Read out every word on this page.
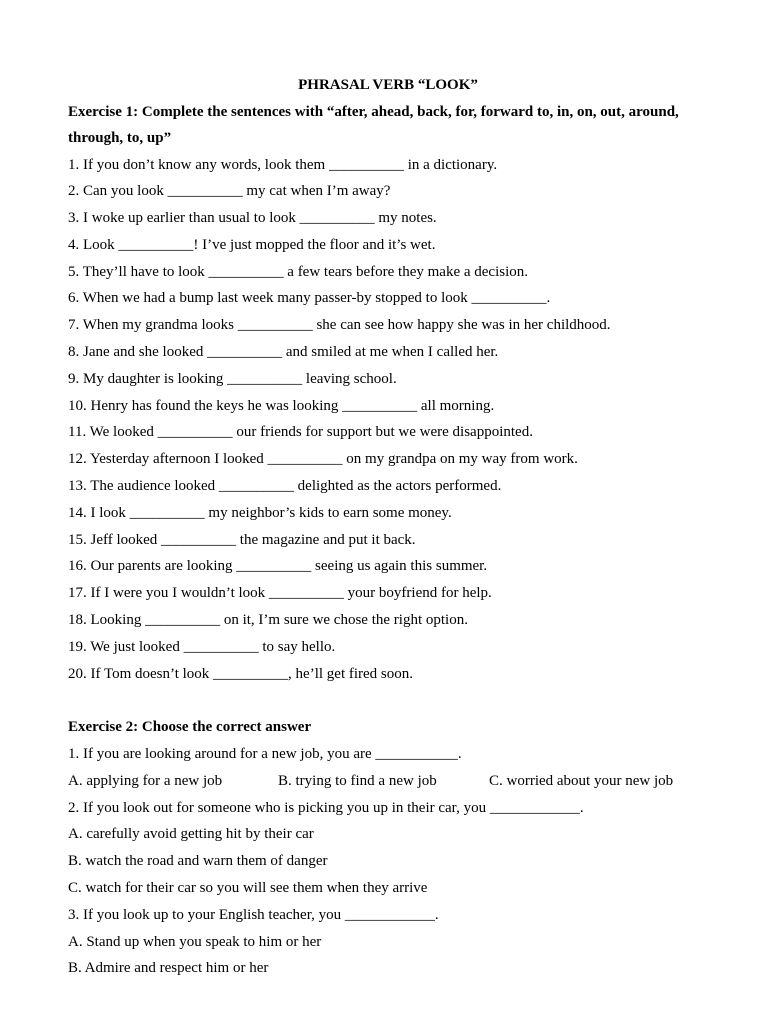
PHRASAL VERB “LOOK”

Exercise 1: Complete the sentences with “after, ahead, back, for, forward to, in, on, out, around,

through, to, up”

1. If you don’t know any words, look them __________ in a dictionary.

2. Can you look __________ my cat when I’m away?

3. I woke up earlier than usual to look __________ my notes.

4. Look __________! I’ve just mopped the floor and it’s wet.

5. They’ll have to look __________ a few tears before they make a decision.

6. When we had a bump last week many passer-by stopped to look __________.

7. When my grandma looks __________ she can see how happy she was in her childhood.

8. Jane and she looked __________ and smiled at me when I called her.

9. My daughter is looking __________ leaving school.

10. Henry has found the keys he was looking __________ all morning.

11. We looked __________ our friends for support but we were disappointed.

12. Yesterday afternoon I looked __________ on my grandpa on my way from work.

13. The audience looked __________ delighted as the actors performed.

14. I look __________ my neighbor’s kids to earn some money.

15. Jeff looked __________ the magazine and put it back.

16. Our parents are looking __________ seeing us again this summer.

17. If I were you I wouldn’t look __________ your boyfriend for help.

18. Looking __________ on it, I’m sure we chose the right option.

19. We just looked __________ to say hello.

20. If Tom doesn’t look __________, he’ll get fired soon.

Exercise 2: Choose the correct answer

1. If you are looking around for a new job, you are ___________.

A. applying for a new job	B. trying to find a new job	C. worried about your new job

2. If you look out for someone who is picking you up in their car, you ____________.

A. carefully avoid getting hit by their car

B. watch the road and warn them of danger

C. watch for their car so you will see them when they arrive

3. If you look up to your English teacher, you ____________.

A. Stand up when you speak to him or her

B. Admire and respect him or her
